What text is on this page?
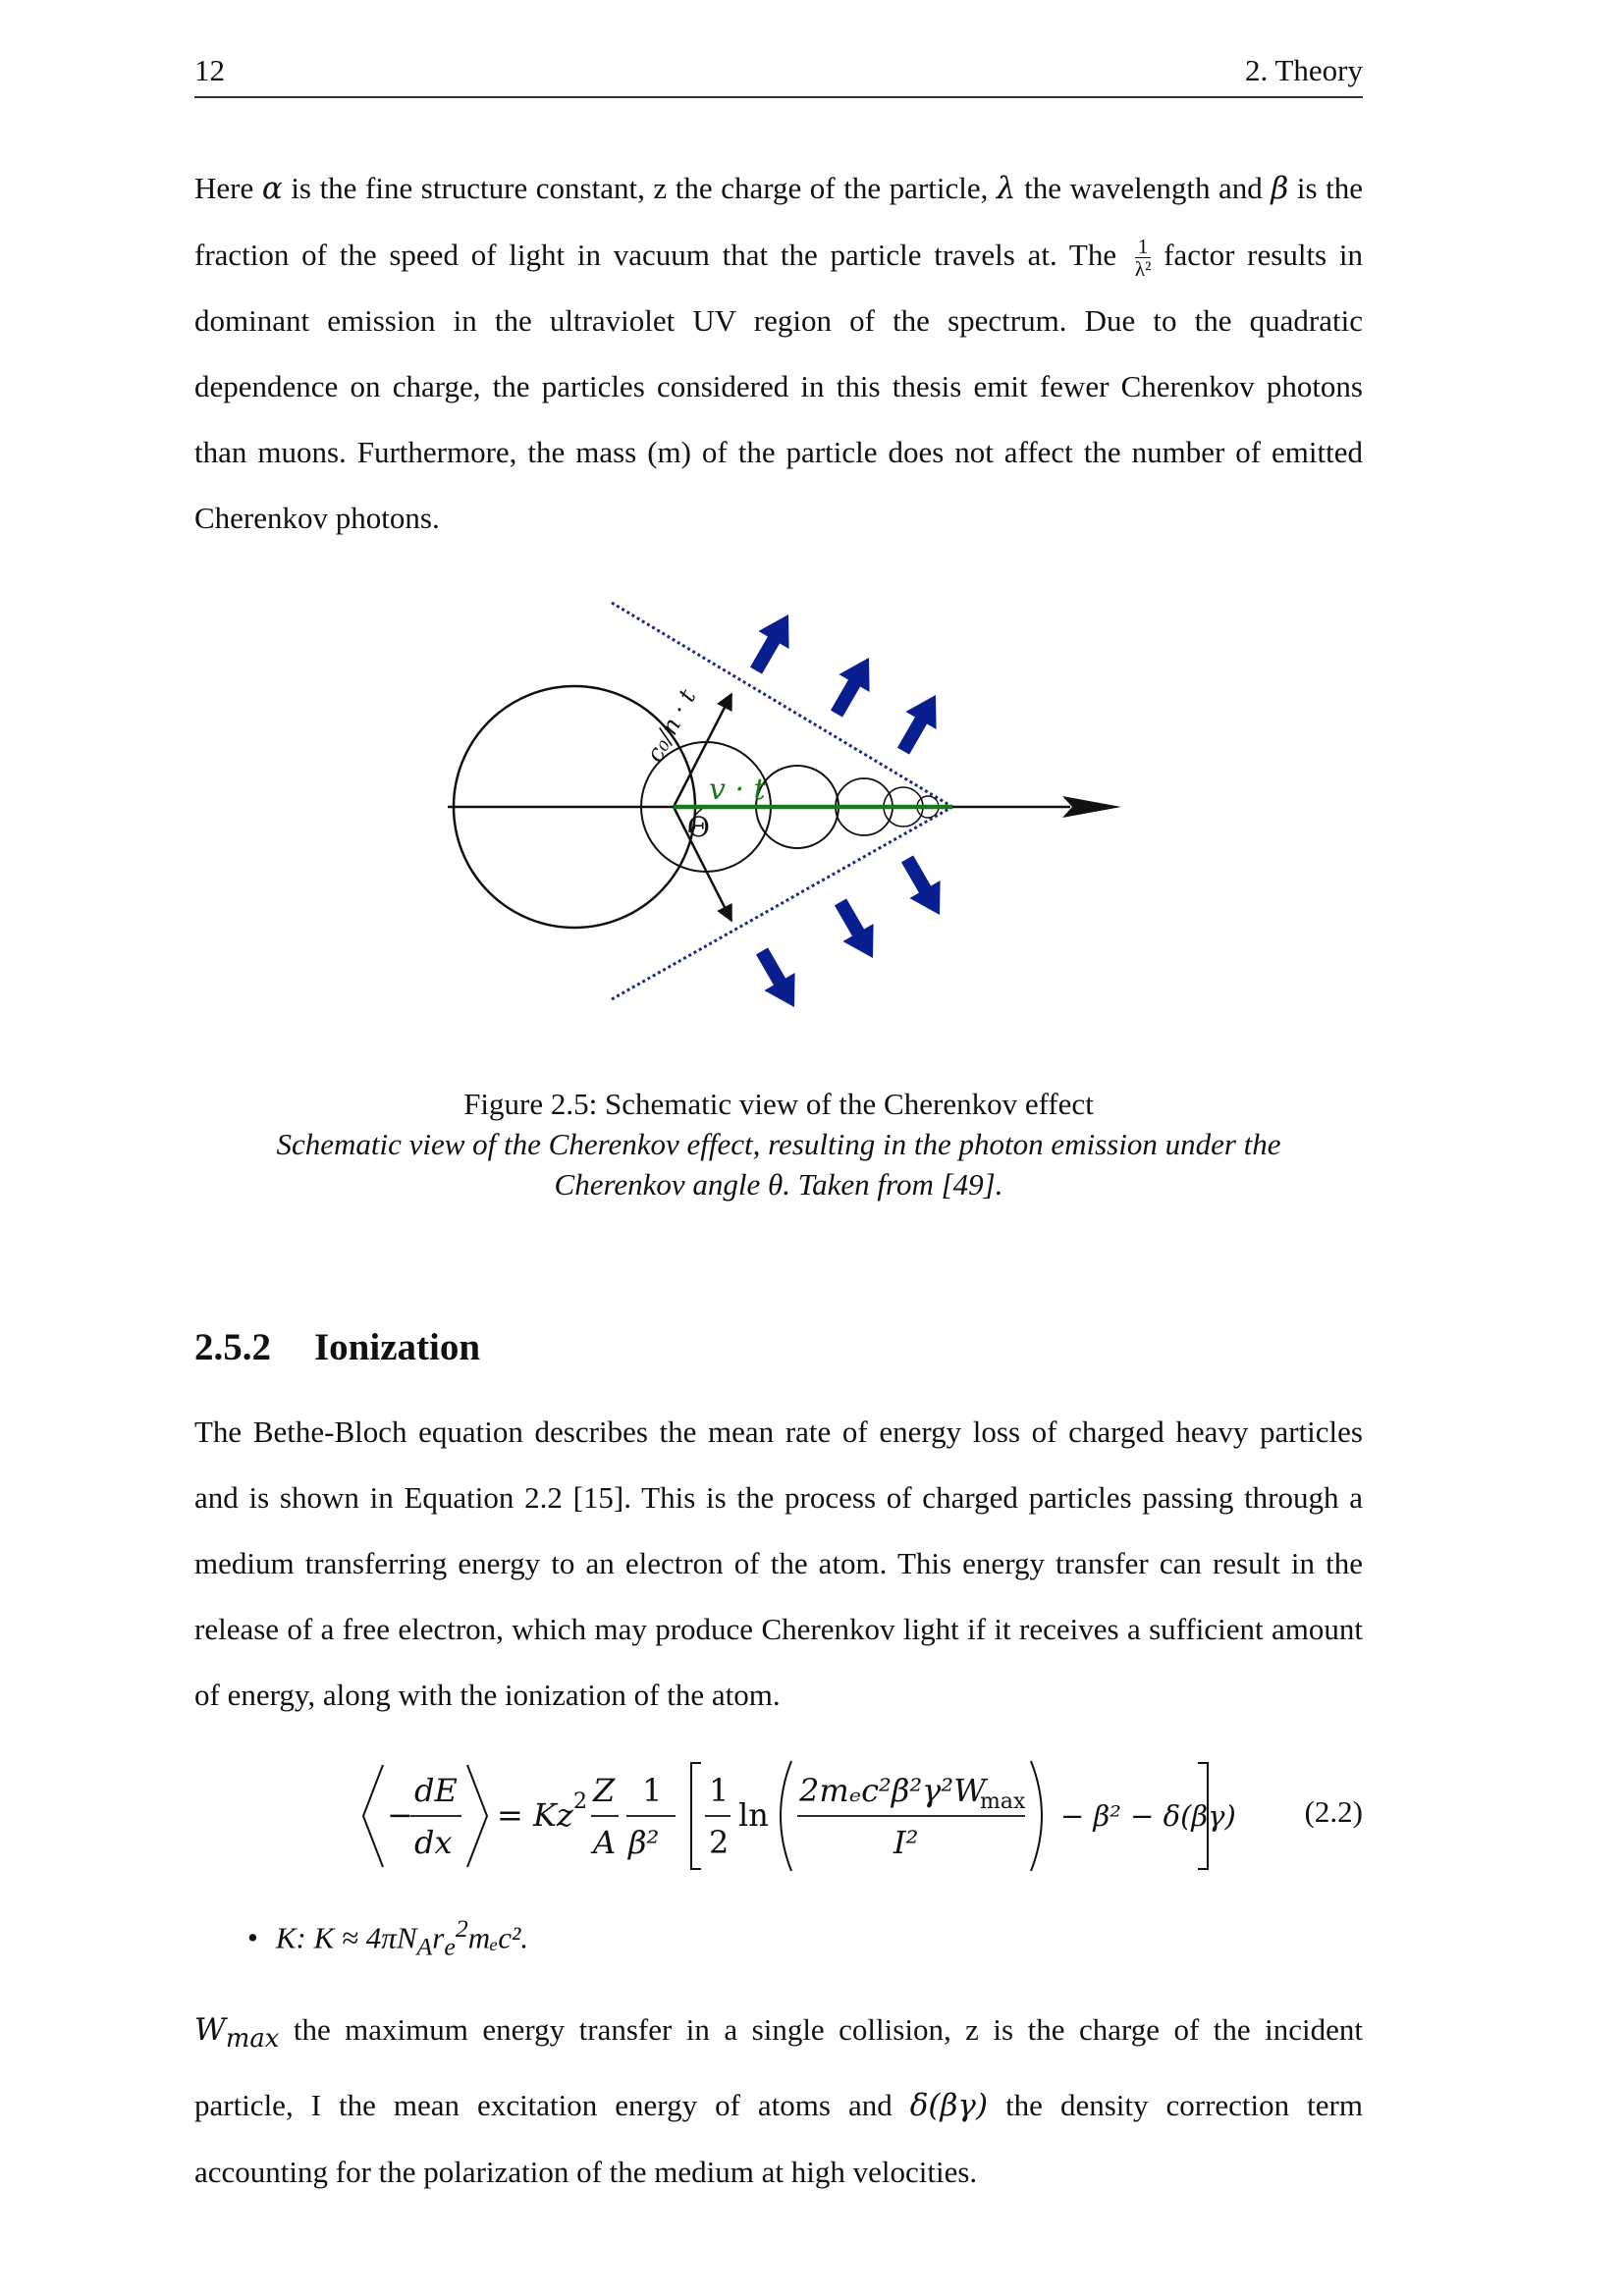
12	2. Theory

Here α is the fine structure constant, z the charge of the particle, λ the wavelength and β is the fraction of the speed of light in vacuum that the particle travels at. The $\frac{1}{\text{λ²}}$ factor results in dominant emission in the ultraviolet UV region of the spectrum. Due to the quadratic dependence on charge, the particles considered in this thesis emit fewer Cherenkov photons than muons. Furthermore, the mass (m) of the particle does not affect the number of emitted Cherenkov photons.

c₀/n · t
v · t
Θ
Figure 2.5: Schematic view of the Cherenkov effect
Schematic view of the Cherenkov effect, resulting in the photon emission under the Cherenkov angle θ. Taken from [49].
2.5.2 Ionization

The Bethe-Bloch equation describes the mean rate of energy loss of charged heavy particles and is shown in Equation 2.2 [15]. This is the process of charged particles passing through a medium transferring energy to an electron of the atom. This energy transfer can result in the release of a free electron, which may produce Cherenkov light if it receives a sufficient amount of energy, along with the ionization of the atom.

−
dE
dx
= Kz 2 Z
A
1
β²
1
2
ln
2mₑc²β²γ²W
max
I²
− β² − δ(βγ) (2.2)
• K: $K \approx 4\pi N_Ar_e^2m_ec^2$.

$W_{max}$ the maximum energy transfer in a single collision, z is the charge of the incident particle, I the mean excitation energy of atoms and δ(βγ) the density correction term accounting for the polarization of the medium at high velocities.
